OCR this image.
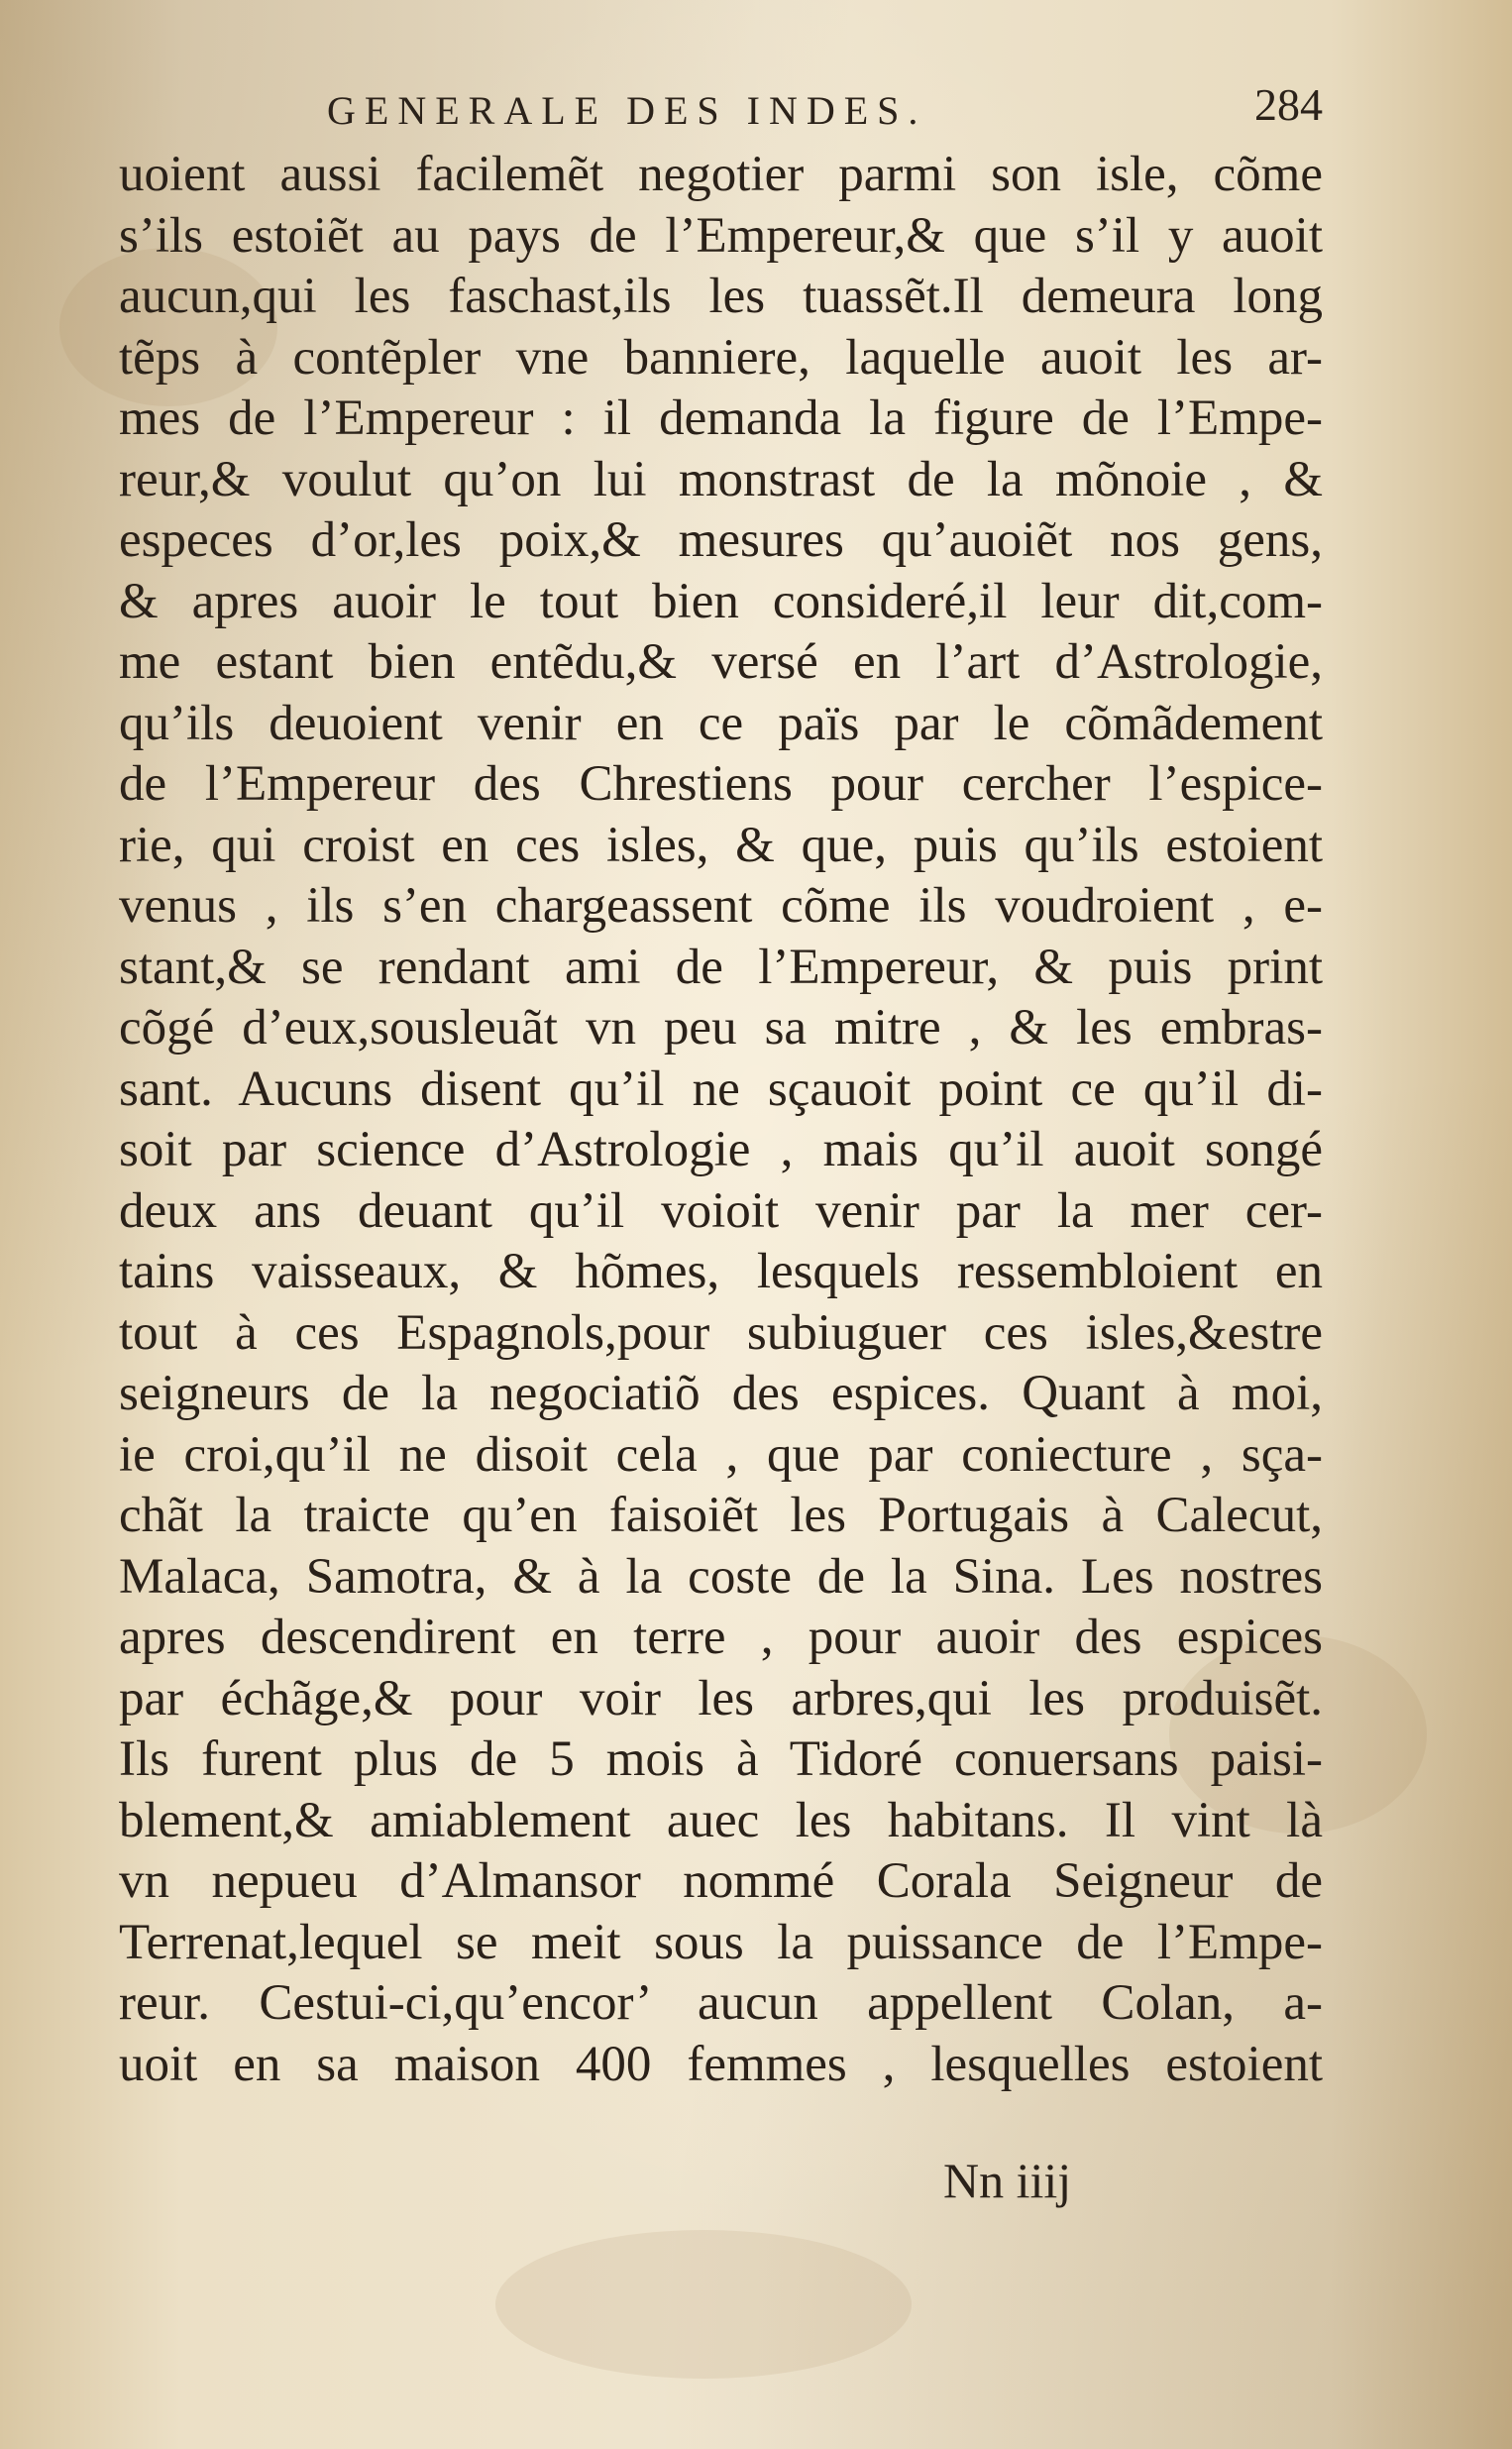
GENERALE DES INDES.	284
uoient aussi facilemẽt negotier parmi son isle, cõme
s’ils estoiẽt au pays de l’Empereur,& que s’il y auoit
aucun,qui les faschast,ils les tuassẽt.Il demeura long
tẽps à contẽpler vne banniere, laquelle auoit les ar-
mes de l’Empereur : il demanda la figure de l’Empe-
reur,& voulut qu’on lui monstrast de la mõnoie , &
especes d’or,les poix,& mesures qu’auoiẽt nos gens,
& apres auoir le tout bien consideré,il leur dit,com-
me estant bien entẽdu,& versé en l’art d’Astrologie,
qu’ils deuoient venir en ce païs par le cõmãdement
de l’Empereur des Chrestiens pour cercher l’espice-
rie, qui croist en ces isles, & que, puis qu’ils estoient
venus , ils s’en chargeassent cõme ils voudroient , e-
stant,& se rendant ami de l’Empereur, & puis print
cõgé d’eux,sousleuãt vn peu sa mitre , & les embras-
sant. Aucuns disent qu’il ne sçauoit point ce qu’il di-
soit par science d’Astrologie , mais qu’il auoit songé
deux ans deuant qu’il voioit venir par la mer cer-
tains vaisseaux, & hõmes, lesquels ressembloient en
tout à ces Espagnols,pour subiuguer ces isles,&estre
seigneurs de la negociatiõ des espices. Quant à moi,
ie croi,qu’il ne disoit cela , que par coniecture , sça-
chãt la traicte qu’en faisoiẽt les Portugais à Calecut,
Malaca, Samotra, & à la coste de la Sina. Les nostres
apres descendirent en terre , pour auoir des espices
par échãge,& pour voir les arbres,qui les produisẽt.
Ils furent plus de 5 mois à Tidoré conuersans paisi-
blement,& amiablement auec les habitans. Il vint là
vn nepueu d’Almansor nommé Corala Seigneur de
Terrenat,lequel se meit sous la puissance de l’Empe-
reur. Cestui-ci,qu’encor’ aucun appellent Colan, a-
uoit en sa maison 400 femmes , lesquelles estoient
Nn iiij
